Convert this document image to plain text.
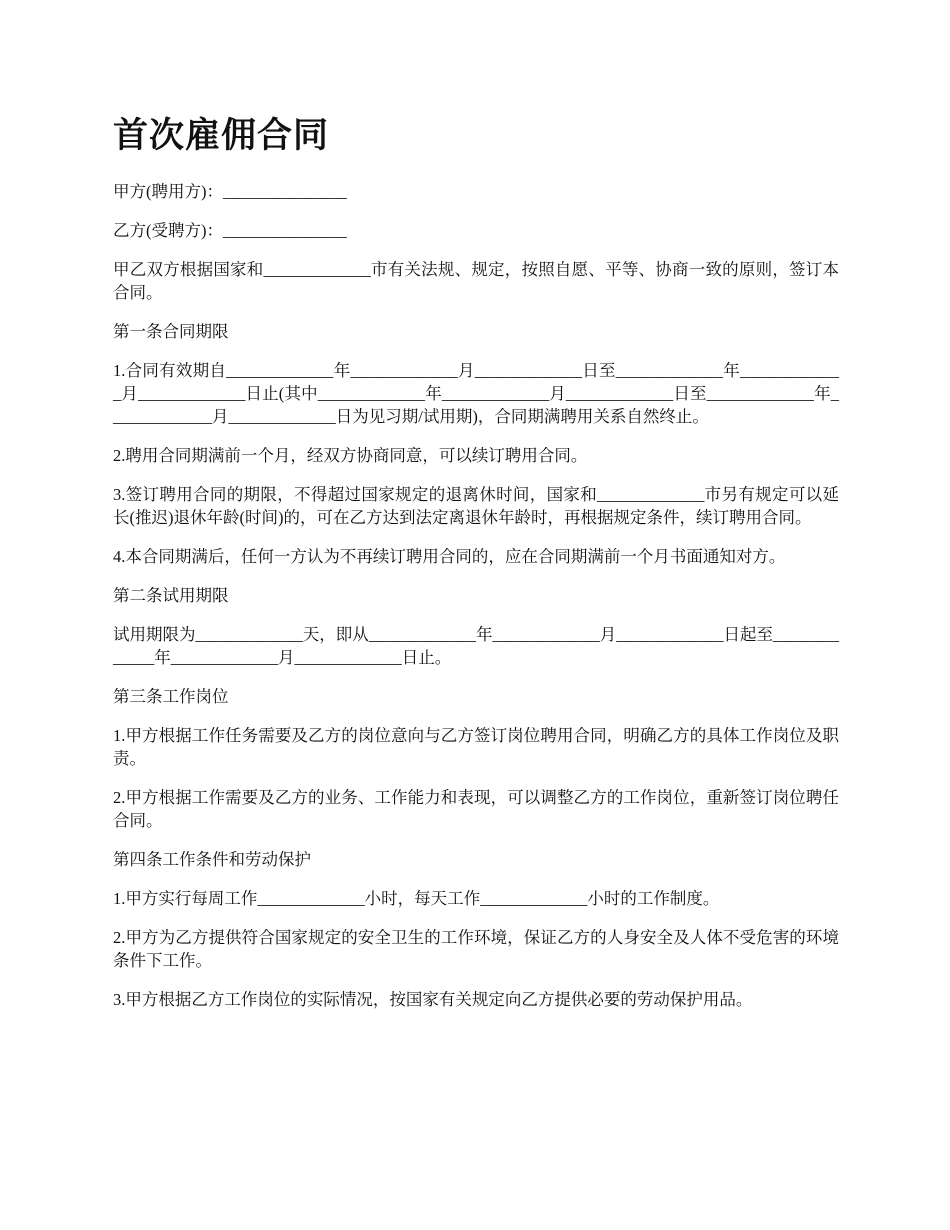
首次雇佣合同

甲方(聘用方)：_______________

乙方(受聘方)：_______________

甲乙双方根据国家和_____________市有关法规、规定，按照自愿、平等、协商一致的原则，签订本合同。

第一条合同期限

1.合同有效期自_____________年_____________月_____________日至_____________年_____________月_____________日止(其中_____________年_____________月_____________日至_____________年_____________月_____________日为见习期/试用期)，合同期满聘用关系自然终止。

2.聘用合同期满前一个月，经双方协商同意，可以续订聘用合同。

3.签订聘用合同的期限，不得超过国家规定的退离休时间，国家和_____________市另有规定可以延长(推迟)退休年龄(时间)的，可在乙方达到法定离退休年龄时，再根据规定条件，续订聘用合同。

4.本合同期满后，任何一方认为不再续订聘用合同的，应在合同期满前一个月书面通知对方。

第二条试用期限

试用期限为_____________天，即从_____________年_____________月_____________日起至_____________年_____________月_____________日止。

第三条工作岗位

1.甲方根据工作任务需要及乙方的岗位意向与乙方签订岗位聘用合同，明确乙方的具体工作岗位及职责。

2.甲方根据工作需要及乙方的业务、工作能力和表现，可以调整乙方的工作岗位，重新签订岗位聘任合同。

第四条工作条件和劳动保护

1.甲方实行每周工作_____________小时，每天工作_____________小时的工作制度。

2.甲方为乙方提供符合国家规定的安全卫生的工作环境，保证乙方的人身安全及人体不受危害的环境条件下工作。

3.甲方根据乙方工作岗位的实际情况，按国家有关规定向乙方提供必要的劳动保护用品。
